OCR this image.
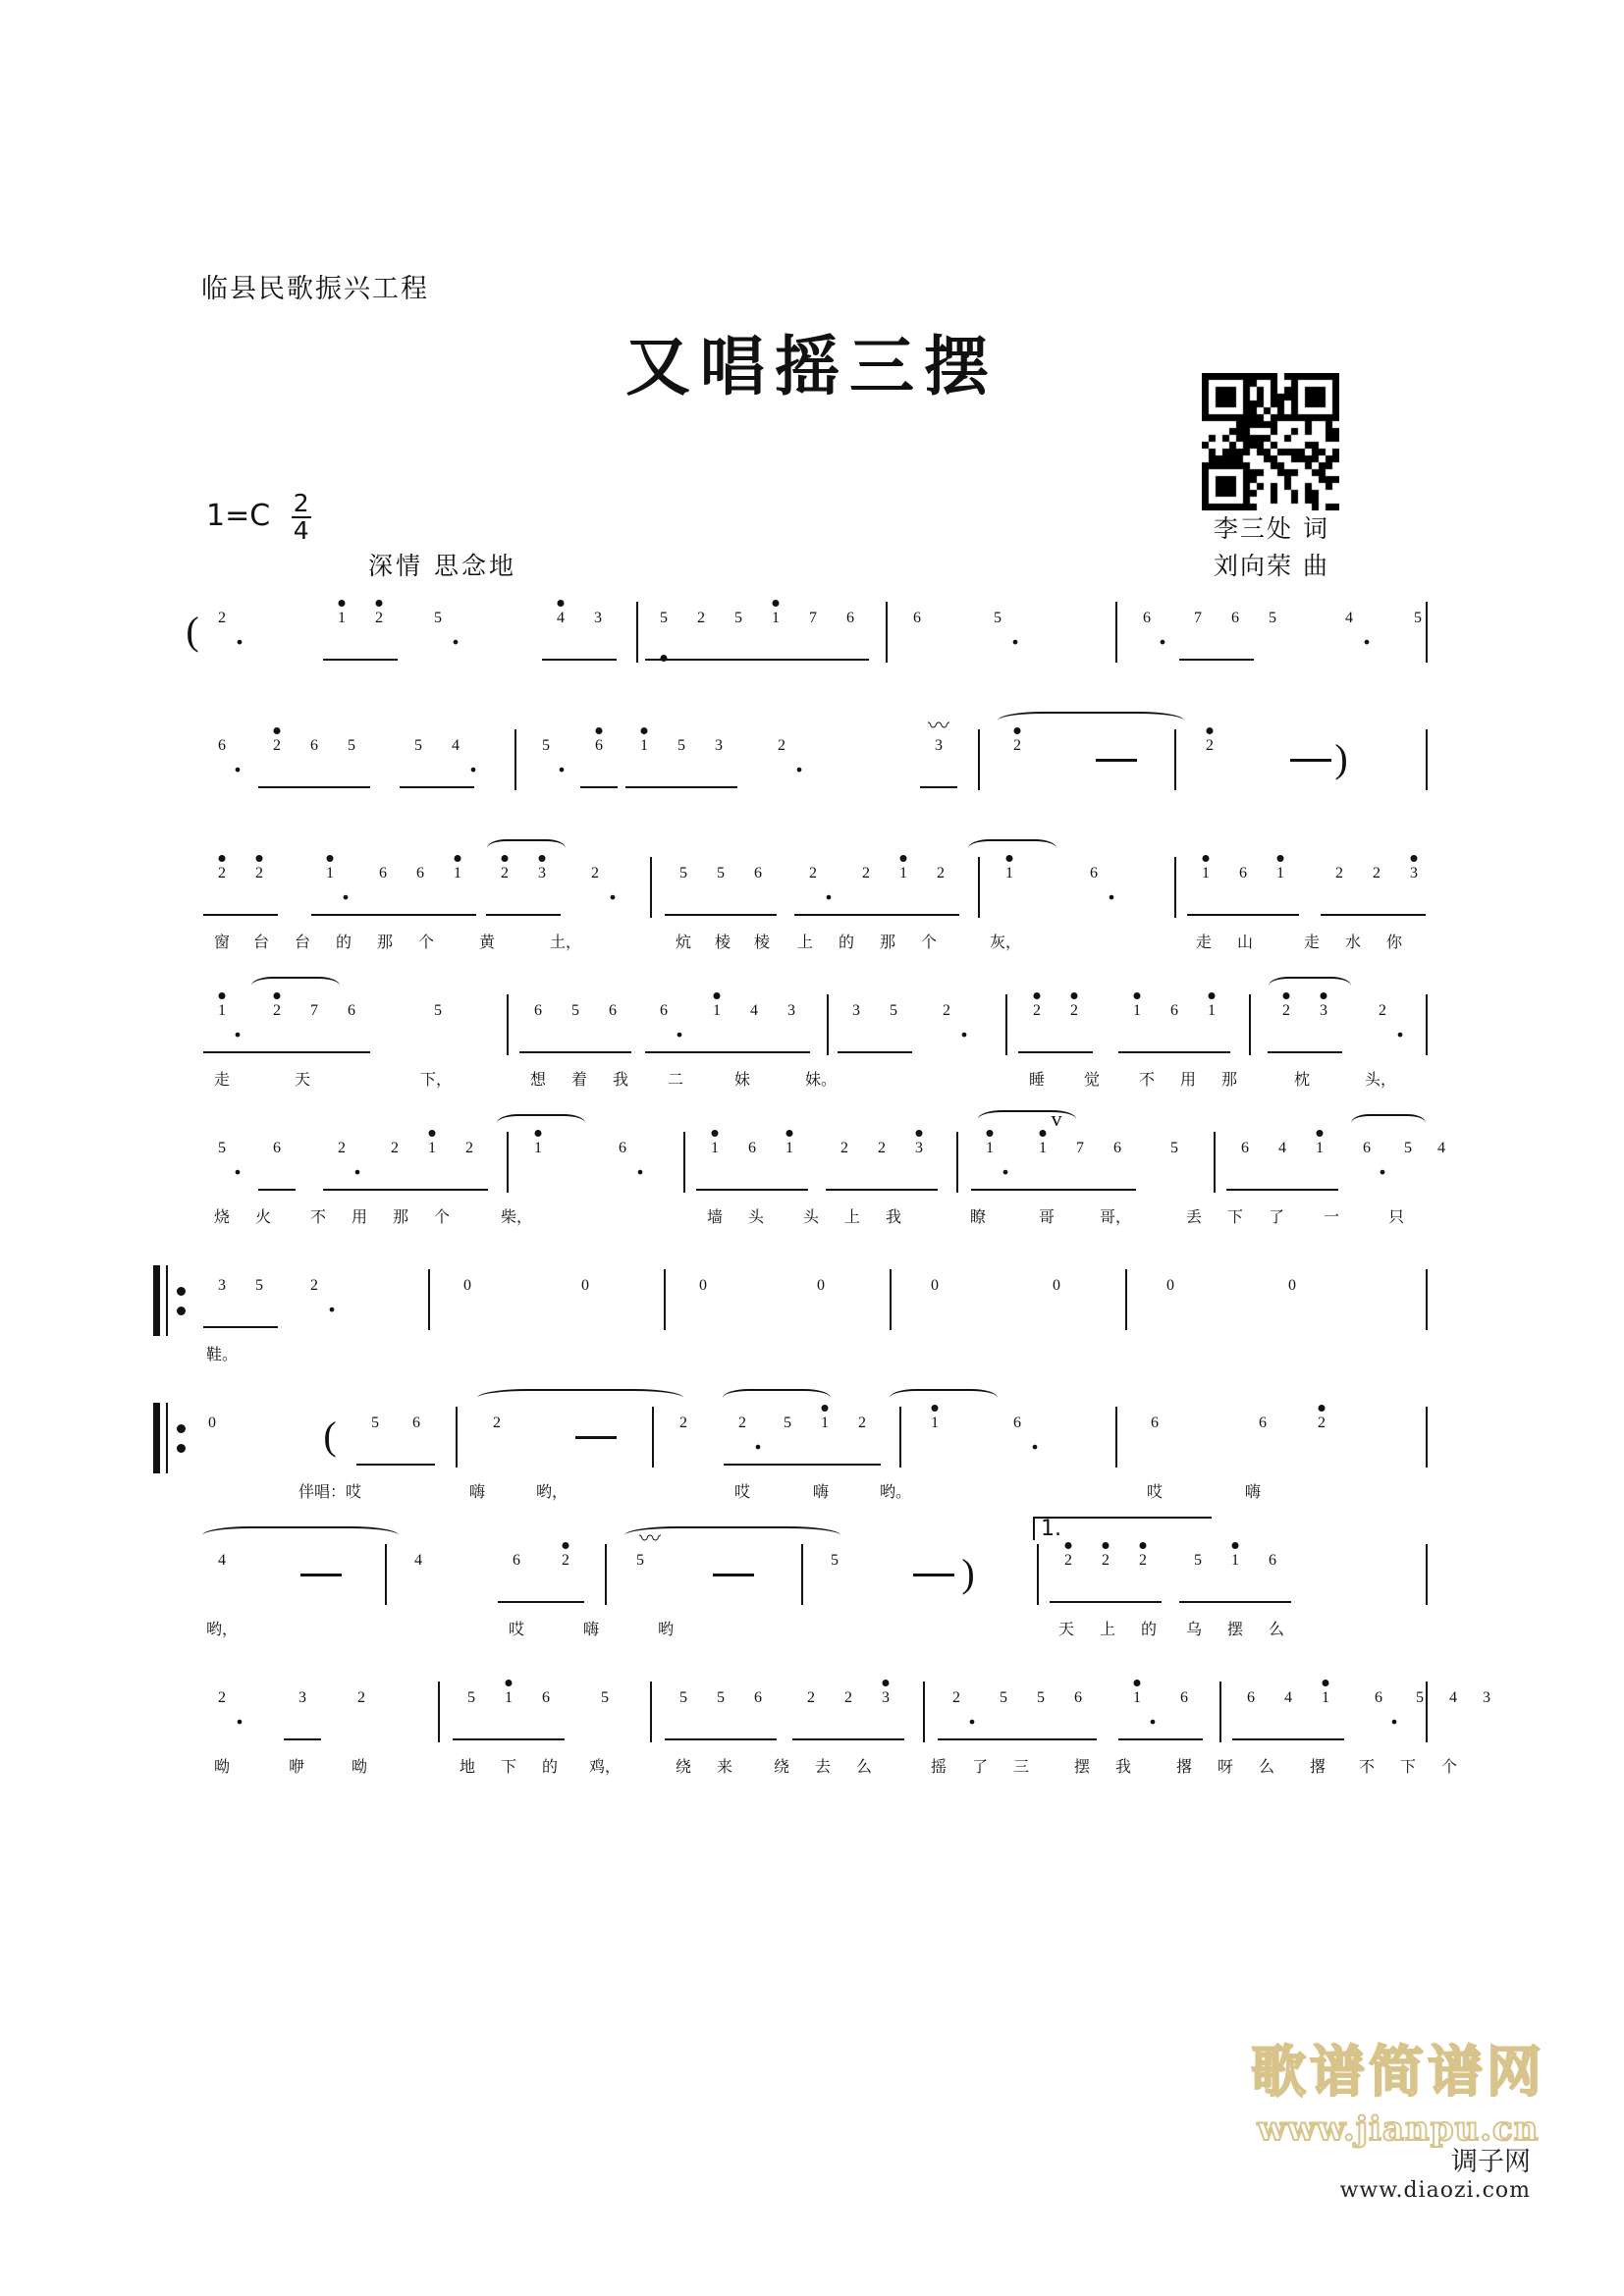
临县民歌振兴工程
又唱摇三摆
$1=C \frac{2}{4}$
深情 思念地
李三处 词
刘向荣 曲
( 2 .	1 2	5 .	4 3	5 2 5 1 7 6	6	5 .	6 . 7 6 5	4 .	5
6 . 2 6 5	5 4 .	5 . 6 1 5 3	2 .
〰
3	2	2	)
2 2	1 . 6 6 1	2 3	2 .	5 5 6	2 . 2 1 2	1	6 .	1 6 1	2 2 3
窗 台 台 的 那 个	黄	土，	炕 棱 棱 上 的 那 个	灰，	走 山	走 水 你
1 . 2 7 6	5	6 5 6	6 . 1 4 3	3 5	2 .	2 2	1 6 1	2 3	2 .
走	天	下，	想 着 我 二	妹	妹。	睡 觉 不 用 那	枕	头，
5 . 6	2 . 2 1 2	1	6 .	1 6 1	2 2 3
v
1 . 1 7 6	5	6 4 1	6 . 5 4
烧 火 不 用 那 个	柴，	墙 头 头 上 我	瞭	哥	哥，	丢 下 了 一	只
3 5	2 .	0	0	0	0	0	0	0	0
鞋。
0	( 5 6	2	2	2 . 5 1 2	1	6 .	6	6	2
伴唱：哎	嗨	哟，	哎	嗨	哟。	哎	嗨
4	4	6	2
〰
5	5	)
1.
2 2 2	5 1 6
哟，	哎	嗨	哟	天 上 的 乌 摆 么
2 .	3	2	5 1 6	5	5 5 6	2 2 3	2 . 5 5 6	1 . 6	6 4 1	6 . 5 4 3
呦	咿	呦	地 下 的 鸡，	绕 来	绕 去 么	摇 了 三	摆 我	撂 呀 么 撂 不 下 个
歌谱简谱网
www.jianpu.cn
调子网
www.diaozi.com
